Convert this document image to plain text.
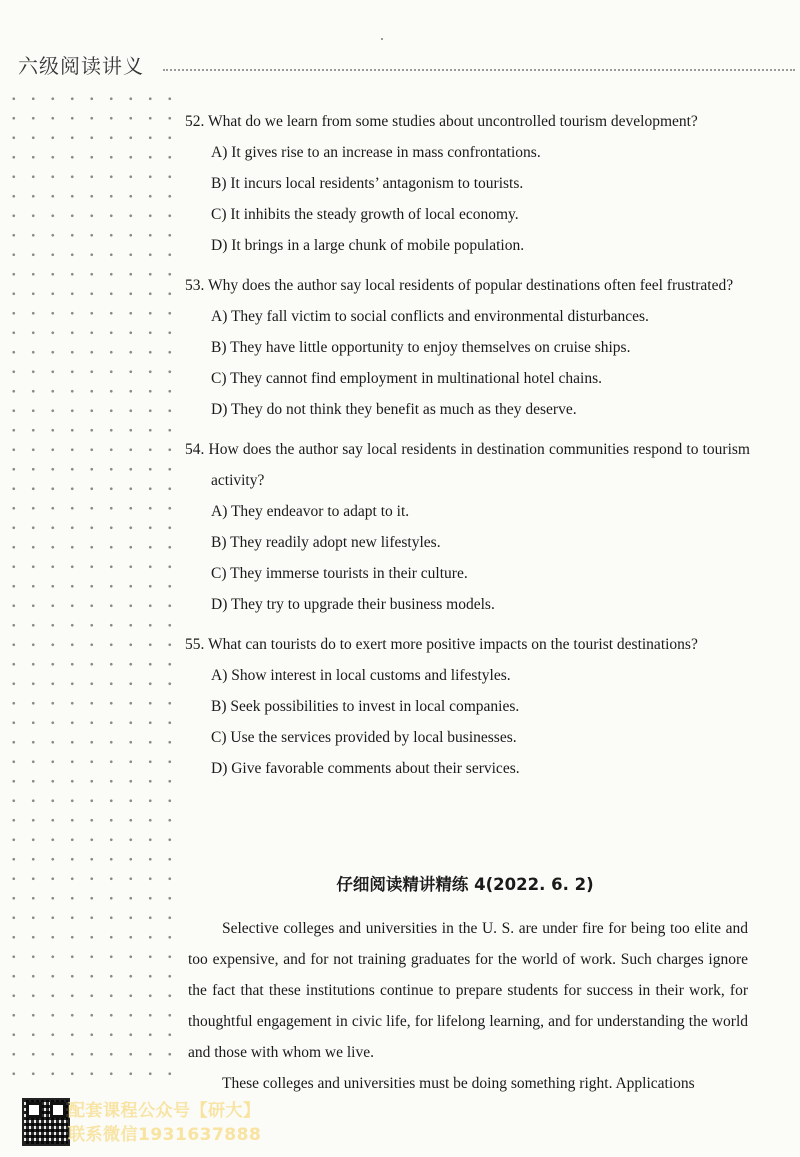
六级阅读讲义
52. What do we learn from some studies about uncontrolled tourism development?
A) It gives rise to an increase in mass confrontations.
B) It incurs local residents’ antagonism to tourists.
C) It inhibits the steady growth of local economy.
D) It brings in a large chunk of mobile population.
53. Why does the author say local residents of popular destinations often feel frustrated?
A) They fall victim to social conflicts and environmental disturbances.
B) They have little opportunity to enjoy themselves on cruise ships.
C) They cannot find employment in multinational hotel chains.
D) They do not think they benefit as much as they deserve.
54. How does the author say local residents in destination communities respond to tourism activity?
A) They endeavor to adapt to it.
B) They readily adopt new lifestyles.
C) They immerse tourists in their culture.
D) They try to upgrade their business models.
55. What can tourists do to exert more positive impacts on the tourist destinations?
A) Show interest in local customs and lifestyles.
B) Seek possibilities to invest in local companies.
C) Use the services provided by local businesses.
D) Give favorable comments about their services.
仔细阅读精讲精练 4(2022. 6. 2)

Selective colleges and universities in the U. S. are under fire for being too elite and too expensive, and for not training graduates for the world of work. Such charges ignore the fact that these institutions continue to prepare students for success in their work, for thoughtful engagement in civic life, for lifelong learning, and for understanding the world and those with whom we live.

These colleges and universities must be doing something right. Applications

配套课程公众号【研大】
联系微信1931637888
